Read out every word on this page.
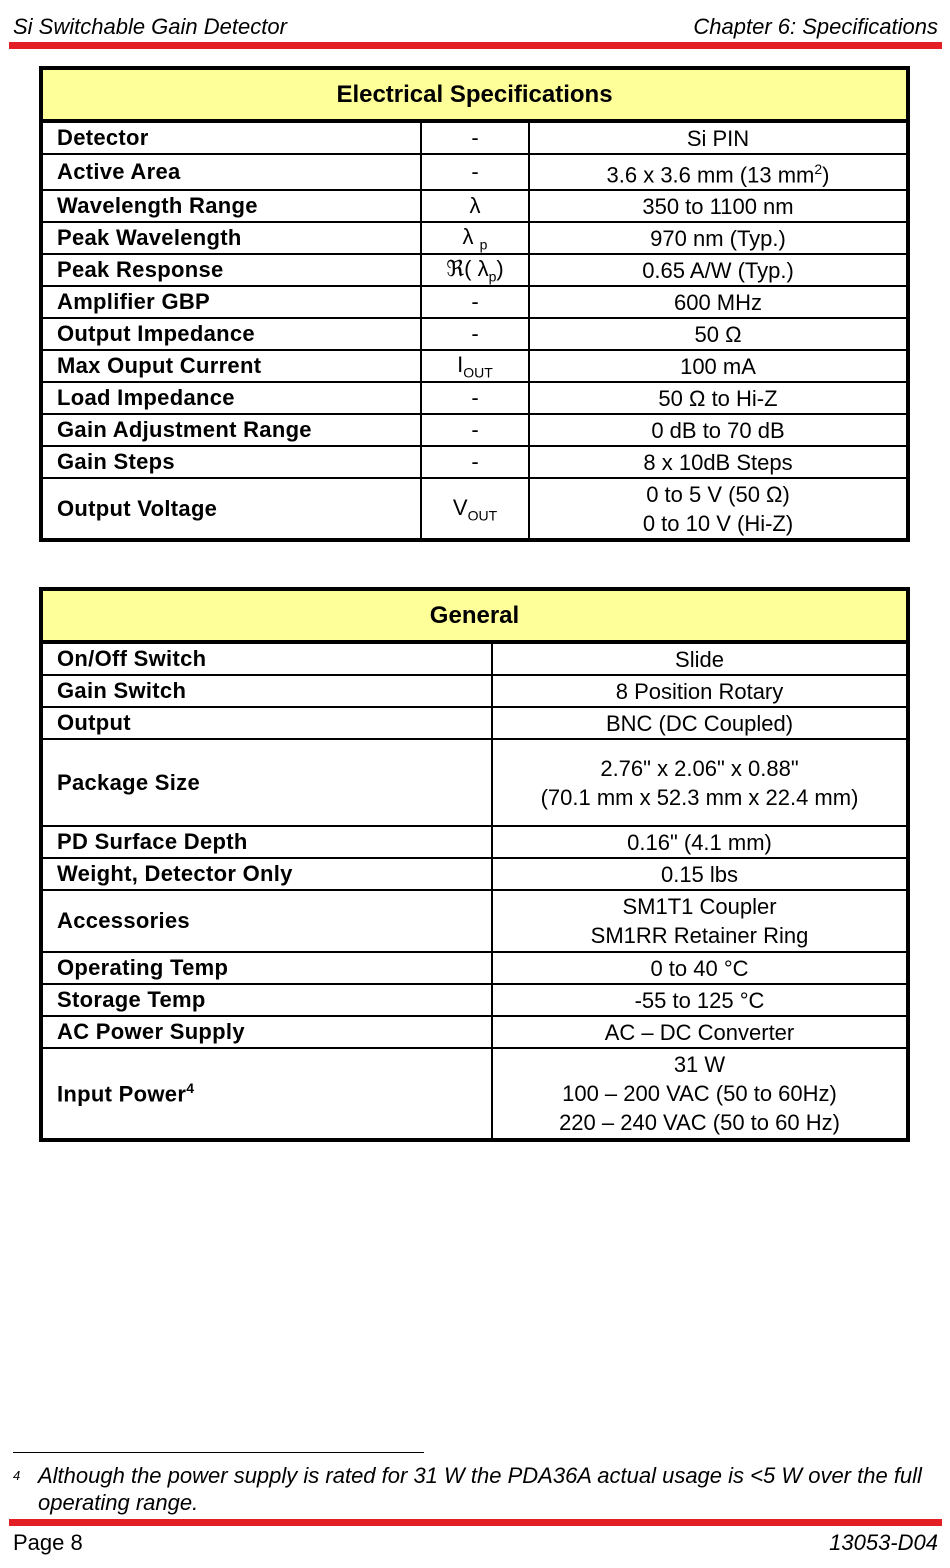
Si Switchable Gain Detector	Chapter 6: Specifications
Electrical Specifications		
Detector	-	Si PIN
Active Area	-	3.6 x 3.6 mm (13 $mm^2$)
Wavelength Range	λ	350 to 1100 nm
Peak Wavelength	λ $_p$	970 nm (Typ.)
Peak Response	ℜ( $\lambda_p$)	0.65 A/W (Typ.)
Amplifier GBP	-	600 MHz
Output Impedance	-	50 Ω
Max Ouput Current	$I_{OUT}$	100 mA
Load Impedance	-	50 Ω to Hi-Z
Gain Adjustment Range	-	0 dB to 70 dB
Gain Steps	-	8 x 10dB Steps
Output Voltage	$V_{OUT}$	0 to 5 V (50 Ω)
0 to 10 V (Hi-Z)
General	
On/Off Switch	Slide

Gain Switch	8 Position Rotary

Output	BNC (DC Coupled)

Package Size	2.76" x 2.06" x 0.88"
(70.1 mm x 52.3 mm x 22.4 mm)

PD Surface Depth	0.16" (4.1 mm)

Weight, Detector Only	0.15 lbs

Accessories	SM1T1 Coupler
SM1RR Retainer Ring

Operating Temp	0 to 40 °C

Storage Temp	-55 to 125 °C

AC Power Supply	AC – DC Converter

Input Power$^4$	31 W
100 – 200 VAC (50 to 60Hz)
220 – 240 VAC (50 to 60 Hz)
4 Although the power supply is rated for 31 W the PDA36A actual usage is <5 W over the full operating range.
Page 8	13053-D04
